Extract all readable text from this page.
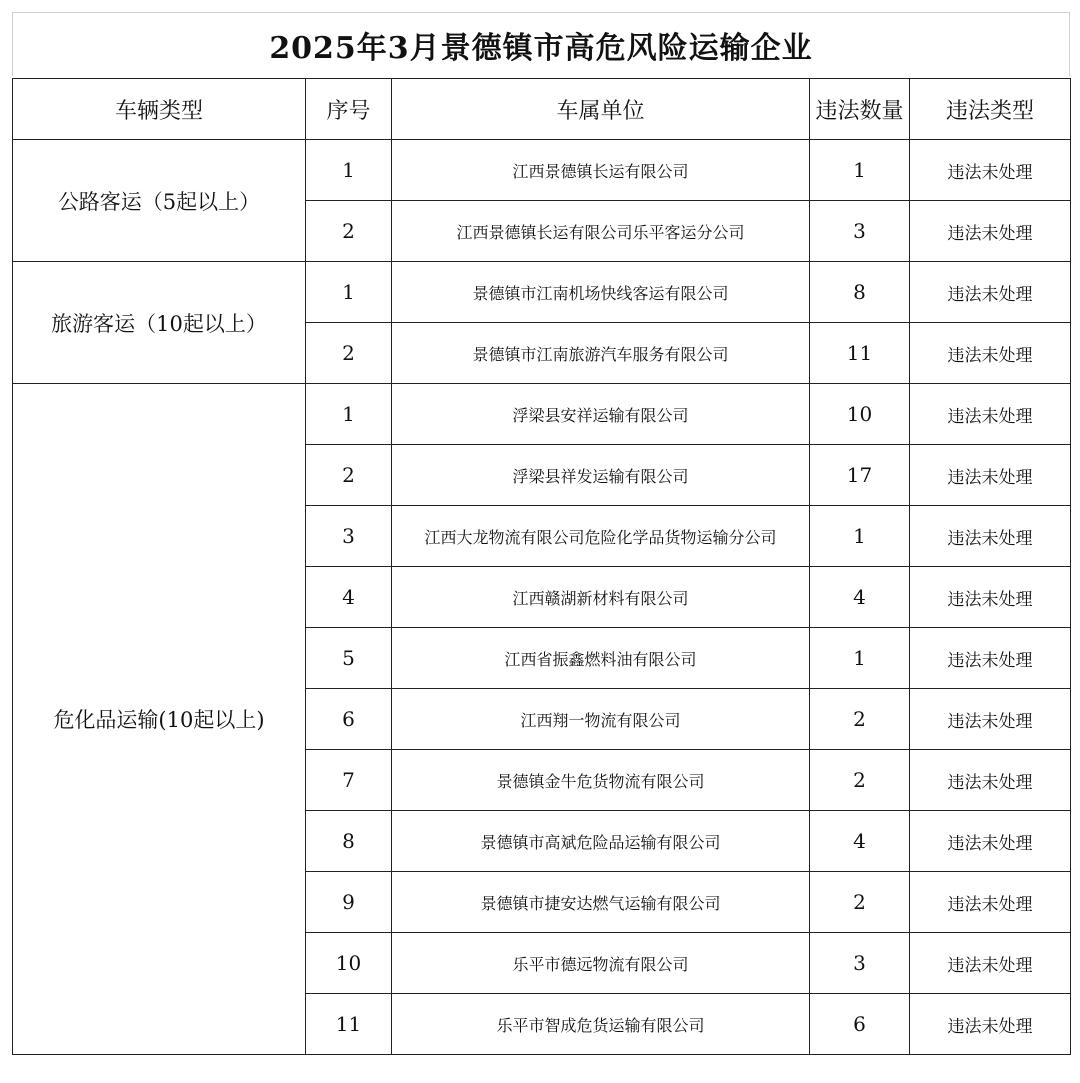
2025年3月景德镇市高危风险运输企业
车辆类型	序号	车属单位	违法数量	违法类型
公路客运（5起以上）	1	江西景德镇长运有限公司	1	违法未处理
	2	江西景德镇长运有限公司乐平客运分公司	3	违法未处理
旅游客运（10起以上）	1	景德镇市江南机场快线客运有限公司	8	违法未处理
	2	景德镇市江南旅游汽车服务有限公司	11	违法未处理
危化品运输(10起以上)	1	浮梁县安祥运输有限公司	10	违法未处理
	2	浮梁县祥发运输有限公司	17	违法未处理
	3	江西大龙物流有限公司危险化学品货物运输分公司	1	违法未处理
	4	江西赣湖新材料有限公司	4	违法未处理
	5	江西省振鑫燃料油有限公司	1	违法未处理
	6	江西翔一物流有限公司	2	违法未处理
	7	景德镇金牛危货物流有限公司	2	违法未处理
	8	景德镇市高斌危险品运输有限公司	4	违法未处理
	9	景德镇市捷安达燃气运输有限公司	2	违法未处理
	10	乐平市德远物流有限公司	3	违法未处理
	11	乐平市智成危货运输有限公司	6	违法未处理
